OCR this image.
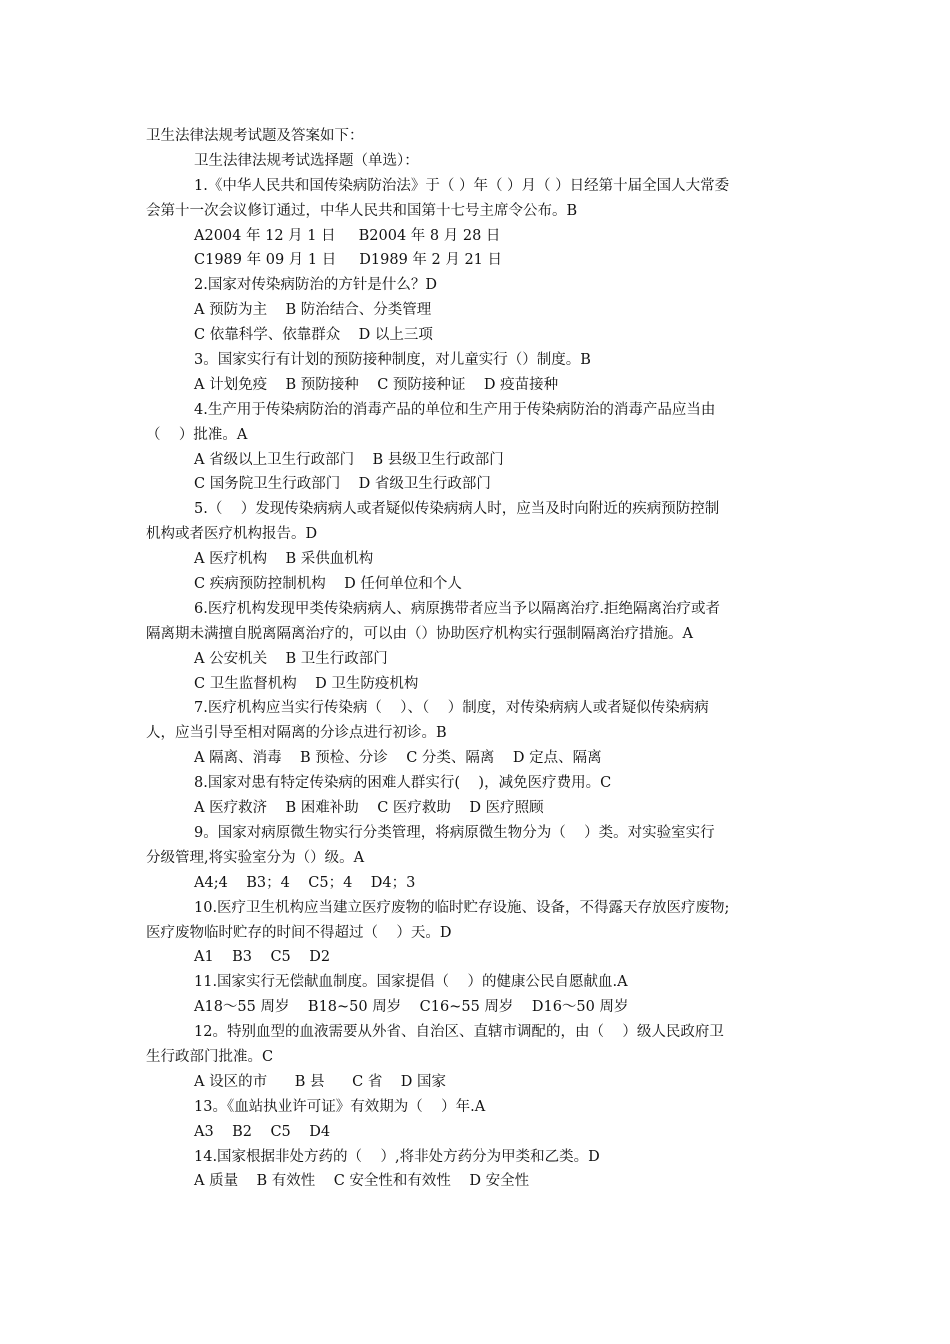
卫生法律法规考试题及答案如下：
卫生法律法规考试选择题（单选）：
1.《中华人民共和国传染病防治法》于（ ）年（ ）月（ ）日经第十届全国人大常委
会第十一次会议修订通过，中华人民共和国第十七号主席令公布。B
A2004 年 12 月 1 日     B2004 年 8 月 28 日
C1989 年 09 月 1 日     D1989 年 2 月 21 日
2.国家对传染病防治的方针是什么？D
A 预防为主    B 防治结合、分类管理
C 依靠科学、依靠群众    D 以上三项
3。国家实行有计划的预防接种制度，对儿童实行（）制度。B
A 计划免疫    B 预防接种    C 预防接种证    D 疫苗接种
4.生产用于传染病防治的消毒产品的单位和生产用于传染病防治的消毒产品应当由
（    ）批准。A
A 省级以上卫生行政部门    B 县级卫生行政部门
C 国务院卫生行政部门    D 省级卫生行政部门
5.（    ）发现传染病病人或者疑似传染病病人时，应当及时向附近的疾病预防控制
机构或者医疗机构报告。D
A 医疗机构    B 采供血机构
C 疾病预防控制机构    D 任何单位和个人
6.医疗机构发现甲类传染病病人、病原携带者应当予以隔离治疗.拒绝隔离治疗或者
隔离期未满擅自脱离隔离治疗的，可以由（）协助医疗机构实行强制隔离治疗措施。A
A 公安机关    B 卫生行政部门
C 卫生监督机构    D 卫生防疫机构
7.医疗机构应当实行传染病（    ）、（    ）制度，对传染病病人或者疑似传染病病
人，应当引导至相对隔离的分诊点进行初诊。B
A 隔离、消毒    B 预检、分诊    C 分类、隔离    D 定点、隔离
8.国家对患有特定传染病的困难人群实行(    )，减免医疗费用。C
A 医疗救济    B 困难补助    C 医疗救助    D 医疗照顾
9。国家对病原微生物实行分类管理，将病原微生物分为（    ）类。对实验室实行
分级管理,将实验室分为（）级。A
A4;4    B3；4    C5；4    D4；3
10.医疗卫生机构应当建立医疗废物的临时贮存设施、设备，不得露天存放医疗废物;
医疗废物临时贮存的时间不得超过（    ）天。D
A1    B3    C5    D2
11.国家实行无偿献血制度。国家提倡（    ）的健康公民自愿献血.A
A18～55 周岁    B18~50 周岁    C16~55 周岁    D16～50 周岁
12。特别血型的血液需要从外省、自治区、直辖市调配的，由（    ）级人民政府卫
生行政部门批准。C
A 设区的市      B 县      C 省    D 国家
13。《血站执业许可证》有效期为（    ）年.A
A3    B2    C5    D4
14.国家根据非处方药的（    ）,将非处方药分为甲类和乙类。D
A 质量    B 有效性    C 安全性和有效性    D 安全性
